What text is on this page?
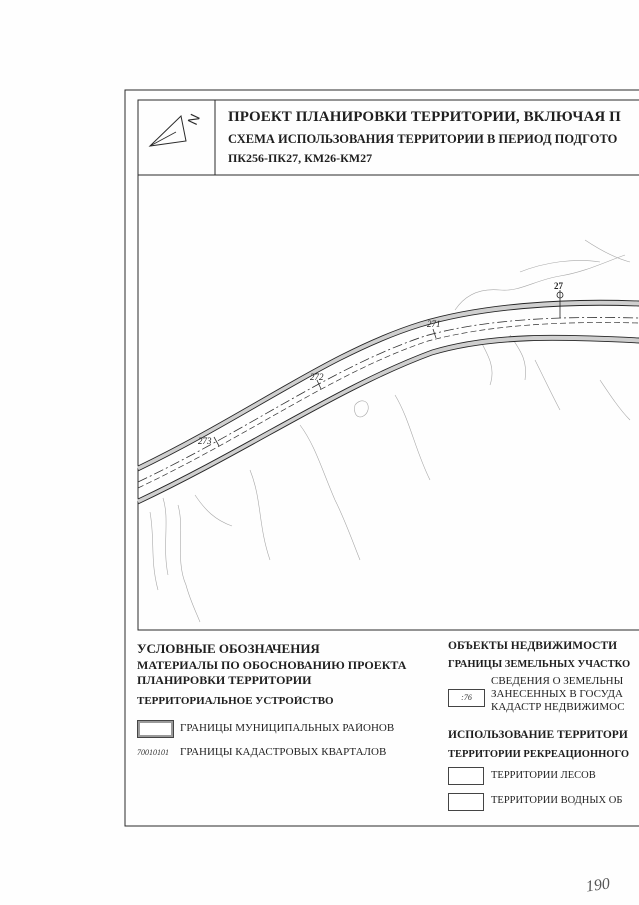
N
273
272
271
27
ПРОЕКТ ПЛАНИРОВКИ ТЕРРИТОРИИ, ВКЛЮЧАЯ П
СХЕМА ИСПОЛЬЗОВАНИЯ ТЕРРИТОРИИ В ПЕРИОД ПОДГОТО
ПК256-ПК27, КМ26-КМ27
УСЛОВНЫЕ ОБОЗНАЧЕНИЯ
МАТЕРИАЛЫ ПО ОБОСНОВАНИЮ ПРОЕКТА
ПЛАНИРОВКИ ТЕРРИТОРИИ
ТЕРРИТОРИАЛЬНОЕ УСТРОЙСТВО
ГРАНИЦЫ МУНИЦИПАЛЬНЫХ РАЙОНОВ
70010101 ГРАНИЦЫ КАДАСТРОВЫХ КВАРТАЛОВ
ОБЪЕКТЫ НЕДВИЖИМОСТИ
ГРАНИЦЫ ЗЕМЕЛЬНЫХ УЧАСТКО
:76
СВЕДЕНИЯ О ЗЕМЕЛЬНЫ
ЗАНЕСЕННЫХ В ГОСУДА
КАДАСТР НЕДВИЖИМОС
ИСПОЛЬЗОВАНИЕ ТЕРРИТОРИ
ТЕРРИТОРИИ РЕКРЕАЦИОННОГО
ТЕРРИТОРИИ ЛЕСОВ
ТЕРРИТОРИИ ВОДНЫХ ОБ
190
